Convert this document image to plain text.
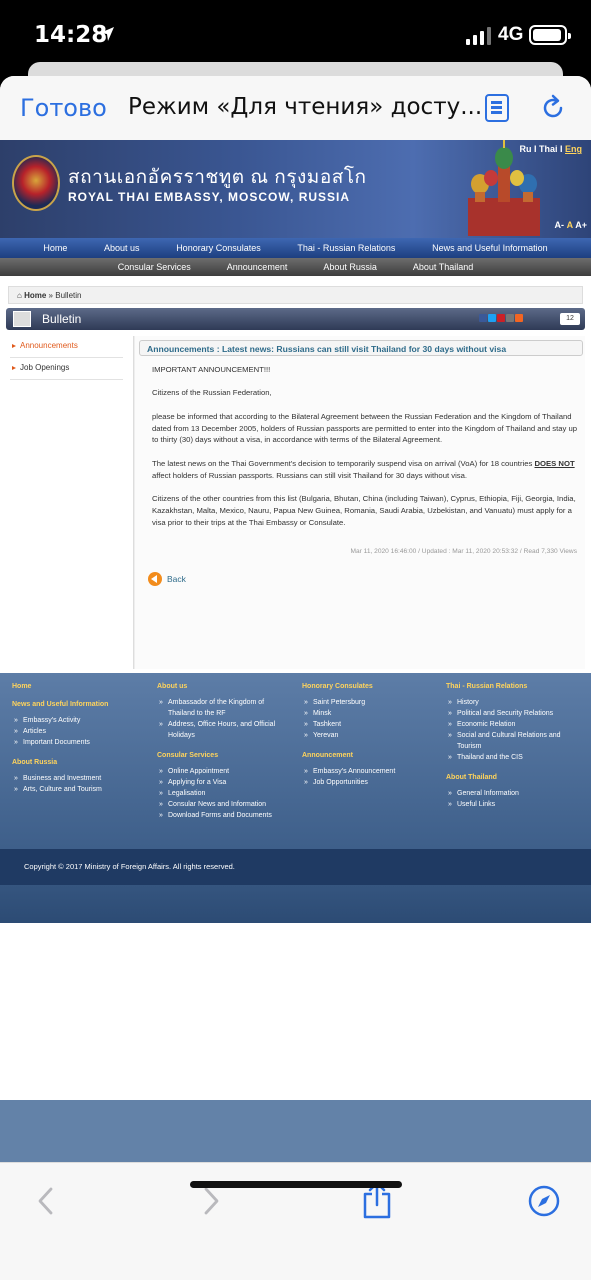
14:28	4G
Готово Режим «Для чтения» досту...
สถานเอกอัครราชทูต ณ กรุงมอสโก
ROYAL THAI EMBASSY, MOSCOW, RUSSIA
Ru I Thai I Eng
A- A A+
Home	About us	Honorary Consulates	Thai - Russian Relations	News and Useful Information
Consular Services	Announcement	About Russia	About Thailand
⌂ Home » Bulletin
Bulletin	12
Announcements
Job Openings
Announcements : Latest news: Russians can still visit Thailand for 30 days without visa

IMPORTANT ANNOUNCEMENT!!!

Citizens of the Russian Federation,

please be informed that according to the Bilateral Agreement between the Russian Federation and the Kingdom of Thailand dated from 13 December 2005, holders of Russian passports are permitted to enter into the Kingdom of Thailand and stay up to thirty (30) days without a visa, in accordance with terms of the Bilateral Agreement.

The latest news on the Thai Government's decision to temporarily suspend visa on arrival (VoA) for 18 countries DOES NOT affect holders of Russian passports. Russians can still visit Thailand for 30 days without visa.

Citizens of the other countries from this list (Bulgaria, Bhutan, China (including Taiwan), Cyprus, Ethiopia, Fiji, Georgia, India, Kazakhstan, Malta, Mexico, Nauru, Papua New Guinea, Romania, Saudi Arabia, Uzbekistan, and Vanuatu) must apply for a visa prior to their trips at the Thai Embassy or Consulate.

Mar 11, 2020 16:46:00 / Updated : Mar 11, 2020 20:53:32 / Read 7,330 Views
Back
Home
News and Useful Information
» Embassy's Activity
» Articles
» Important Documents
About Russia
» Business and Investment
» Arts, Culture and Tourism
About us
» Ambassador of the Kingdom of Thailand to the RF
» Address, Office Hours, and Official Holidays
Consular Services
» Online Appointment
» Applying for a Visa
» Legalisation
» Consular News and Information
» Download Forms and Documents
Honorary Consulates
» Saint Petersburg
» Minsk
» Tashkent
» Yerevan
Announcement
» Embassy's Announcement
» Job Opportunities
Thai - Russian Relations
» History
» Political and Security Relations
» Economic Relation
» Social and Cultural Relations and Tourism
» Thailand and the CIS
About Thailand
» General Information
» Useful Links
Copyright © 2017 Ministry of Foreign Affairs. All rights reserved.
